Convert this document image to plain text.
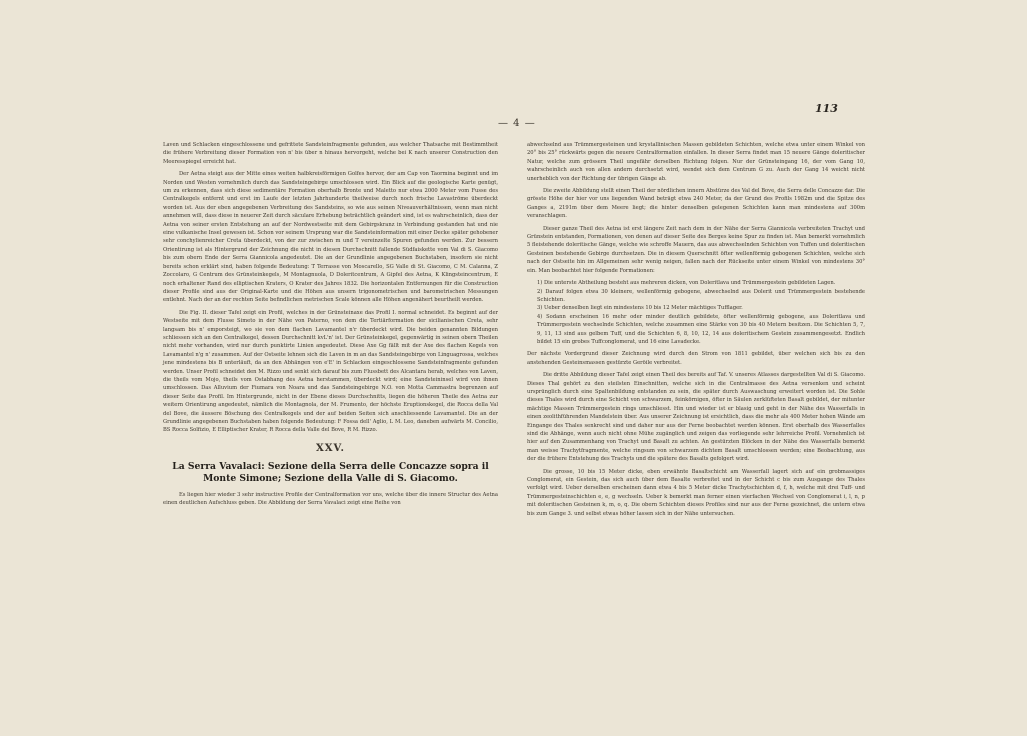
113
— 4 —

Laven und Schlacken eingeschlossene und gefrittete Sandsteinfragmente gefunden, aus welcher Thatsache mit Bestimmtheit die frühere Verbreitung dieser Formation von n' bis über n hinaus hervorgeht, welche bei K nach unserer Construction den Meeresspiegel erreicht hat.

Der Aetna steigt aus der Mitte eines weiten halbkreisförmigen Golfes hervor, der am Cap von Taormina beginnt und im Norden und Westen vornehmlich durch das Sandsteingebirge umschlossen wird. Ein Blick auf die geologische Karte genügt, um zu erkennen, dass sich diese sedimentäre Formation oberhalb Bronte und Maletto nur etwa 2000 Meter vom Fusse des Centralkegels entfernt und erst im Laufe der letzten Jahrhunderte theilweise durch noch frische Lavaströme überdeckt worden ist. Aus der eben angegebenen Verbreitung des Sandsteins, so wie aus seinen Niveauverhältnissen, wenn man nicht annehmen will, dass diese in neuerer Zeit durch säculare Erhebung beträchtlich geändert sind, ist es wahrscheinlich, dass der Aetna von seiner ersten Entstehung an auf der Nordwestseite mit dem Gebirgskranz in Verbindung gestanden hat und nie eine vulkanische Insel gewesen ist. Schon vor seinem Ursprung war die Sandsteinformation mit einer Decke später gehobener sehr conchylienreicher Creta überdeckt, von der zur zwischen m und T vereinzelte Spuren gefunden werden. Zur bessern Orientirung ist als Hintergrund der Zeichnung die nicht in diesen Durchschnitt fallende Südfaiskette vom Val di S. Giacomo bis zum obern Ende der Serra Giannicola angedeutet. Die an der Grundlinie angegebenen Buchstaben, insofern sie nicht bereits schon erklärt sind, haben folgende Bedeutung: T Terrasse von Moscarello, SG Valle di St. Giacomo, C M. Calanna, Z Zoccolaro, G Centrum des Grünsteinkegels, M Montagnuola, D Doleritcentrum, A Gipfel des Aetna, K Klingsteincentrum, E noch erhaltener Rand des elliptischen Kraters, O Krater des Jahres 1832. Die horizontalen Entfernungen für die Construction dieser Profile sind aus der Original-Karte und die Höhen aus unsern trigonometrischen und barometrischen Messungen entlehnt. Nach der an der rechten Seite befindlichen metrischen Scale können alle Höhen angenähert beurtheilt werden.

Die Fig. II. dieser Tafel zeigt ein Profil, welches in der Grünsteinaxe das Profil I. normal schneidet. Es beginnt auf der Westseite mit dem Flusse Simeto in der Nähe von Paterno, von dem die Tertiärformation der sicilianischen Creta, sehr langsam bis n' emporsteigt, wo sie von dem flachen Lavamantel n'r überdeckt wird. Die beiden genannten Bildungen schliessen sich an den Centralkegel, dessen Durchschnitt kvL'n' ist. Der Grünsteinkegel, gegenwärtig in seinen obern Theilen nicht mehr vorhanden, wird nur durch punktirte Linien angedeutet. Diese Axe Gg fällt mit der Axe des flachen Kegels von Lavamantel n'g n' zusammen. Auf der Ostseite lehnen sich die Laven in m an das Sandsteingebirge von Linguagrossa, welches jene mindestens bis B unterläuft, da an den Abhängen von e'E' in Schlacken eingeschlossene Sandsteinfragmente gefunden werden. Unser Profil schneidet den M. Rizzo und senkt sich darauf bis zum Flussbett des Alcantara herab, welches von Laven, die theils vom Mojo, theils vom Ostabhang des Aetna herstammen, überdeckt wird; eine Sandsteininsel wird von ihnen umschlossen. Das Alluvium der Fiumara von Noara und das Sandsteingebirge N.O. von Motta Cammastra begrenzen auf dieser Seite das Profil. Im Hintergrunde, nicht in der Ebene dieses Durchschnitts, liegen die höheren Theile des Aetna zur weitern Orientirung angedeutet, nämlich die Montagnola, der M. Frumento, der höchste Eruptionskegel, die Rocca della Val del Bove, die äussere Böschung des Centralkegels und der auf beiden Seiten sich anschliessende Lavamantel. Die an der Grundlinie angegebenen Buchstaben haben folgende Bedeutung: F Fossa dell' Aglio, L M. Leo, daneben aufwärts M. Concilio, BS Rocca Solfizio, E Elliptischer Krater, R Rocca della Valle del Bove, R M. Rizzo.

XXV.
La Serra Vavalaci: Sezione della Serra delle Concazze sopra il Monte Simone; Sezione della Valle di S. Giacomo.

Es liegen hier wieder 3 sehr instructive Profile der Centralformation vor uns, welche über die innere Structur des Aetna einen deutlichen Aufschluss geben. Die Abbildung der Serra Vavalaci zeigt eine Reihe von

abwechselnd aus Trümmergesteinen und krystallinischen Massen gebildeten Schichten, welche etwa unter einem Winkel von 20° bis 25° rückwärts gegen die neuere Centralformation einfallen. In dieser Serra findet man 15 neuere Gänge doleritischer Natur, welche zum grössern Theil ungefähr derselben Richtung folgen. Nur der Grünsteingang 16, der vom Gang 10, wahrscheinlich auch von allen andern durchsetzt wird, wendet sich dem Centrum G zu. Auch der Gang 14 weicht nicht unerheblich von der Richtung der übrigen Gänge ab.

Die zweite Abbildung stellt einen Theil der nördlichen innern Abstürze des Val del Bove, die Serra delle Concazze dar. Die grösste Höhe der hier vor uns liegenden Wand beträgt etwa 240 Meter, da der Grund des Profils 1982m und die Spitze des Ganges a, 2191m über dem Meere liegt; die hinter denselben gelegenen Schichten kann man mindestens auf 300m veranschlagen.

Dieser ganze Theil des Aetna ist erst längere Zeit nach dem in der Nähe der Serra Giannicola verbreiteten Trachyt und Grünstein entstanden, Formationen, von denen auf dieser Seite des Berges keine Spur zu finden ist. Man bemerkt vornehmlich 5 fleistehende doleritische Gänge, welche wie schroffe Mauern, das aus abwechselnden Schichten von Tuffen und doleritischen Gesteinen bestehende Gebirge durchsetzen. Die in diesem Querschnitt öfter wellenförmig gebogenen Schichten, welche sich nach der Ostseite hin im Allgemeinen sehr wenig neigen, fallen nach der Rückseite unter einem Winkel von mindestens 30° ein. Man beobachtet hier folgende Formationen:

1) Die unterste Abtheilung besteht aus mehreren dicken, von Doleritlava und Trümmergestein gebildeten Lagen.
2) Darauf folgen etwa 30 kleinere, wellenförmig gebogene, abwechselnd aus Dolerit und Trümmergestein bestehende Schichten.
3) Ueber denselben liegt ein mindestens 10 bis 12 Meter mächtiges Tufflager.
4) Sodann erscheinen 16 mehr oder minder deutlich gebildete, öfter wellenförmig gebogene, aus Doleritlava und Trümmergestein wechselnde Schichten, welche zusammen eine Stärke von 30 bis 40 Metern besitzen. Die Schichten 5, 7, 9, 11, 13 sind aus gelbem Tuff, und die Schichten 6, 8, 10, 12, 14 aus doleritischem Gestein zusammengesetzt. Endlich bildet 15 ein grobes Tuffconglomerat, und 16 eine Lavadecke.

Der nächste Vordergrund dieser Zeichnung wird durch den Strom von 1811 gebildet, über welchen sich bis zu den anstehenden Gesteinsmassen gestürzte Geröile verbreitet.

Die dritte Abbildung dieser Tafel zeigt einen Theil des bereits auf Taf. V. unseres Atlasses dargestellten Val di S. Giacomo. Dieses Thal gehört zu den steilsten Einschnitten, welche sich in die Centralmasse des Aetna versenken und scheint ursprünglich durch eine Spaltenbildung entstanden zu sein, die später durch Auswaschung erweitert worden ist. Die Sohle dieses Thales wird durch eine Schicht von schwarzem, feinkörnigen, öfter in Säulen zerklüfteten Basalt gebildet, der mitunter mächtige Massen Trümmergestein rings umschliesst. Hin und wieder ist er blasig und geht in der Nähe des Wasserfalls in einen zeolithführenden Mandelstein über. Aus unserer Zeichnung ist ersichtlich, dass die mehr als 400 Meter hohen Wände am Eingange des Thales senkrecht sind und daher nur aus der Ferne beobachtet werden können. Erst oberhalb des Wasserfalles sind die Abhänge, wenn auch nicht ohne Mühe zugänglich und zeigen das vorliegende sehr lehrreiche Profil. Vornehmlich ist hier auf den Zusammenhang von Trachyt und Basalt zu achten. An gestürzten Blöcken in der Nähe des Wasserfalls bemerkt man weisse Trachytfragmente, welche ringsum von schwarzem dichtem Basalt umschlossen werden; eine Beobachtung, aus der die frühere Entstehung des Trachyts und die spätere des Basalts gefolgert wird.

Die grosse, 10 bis 15 Meter dicke, eben erwähnte Basaltschicht am Wasserfall lagert sich auf ein grobmassiges Conglomerat, ein Gestein, das sich auch über dem Basalte verbreitet und in der Schicht c bis zum Ausgange des Thales verfolgt wird. Ueber derselben erscheinen dann etwa 4 bis 5 Meter dicke Trachytschichten d, f, h, welche mit drei Tuff- und Trümmergesteinschichten e, e, g wechseln. Ueber k bemerkt man ferner einen vierfachen Wechsel von Conglomerat i, l, n, p mit doleritischen Gesteinen k, m, o, q. Die obern Schichten dieses Profiles sind nur aus der Ferne gezeichnet, die untern etwa bis zum Gange 3. und selbst etwas höher lassen sich in der Nähe untersuchen.
